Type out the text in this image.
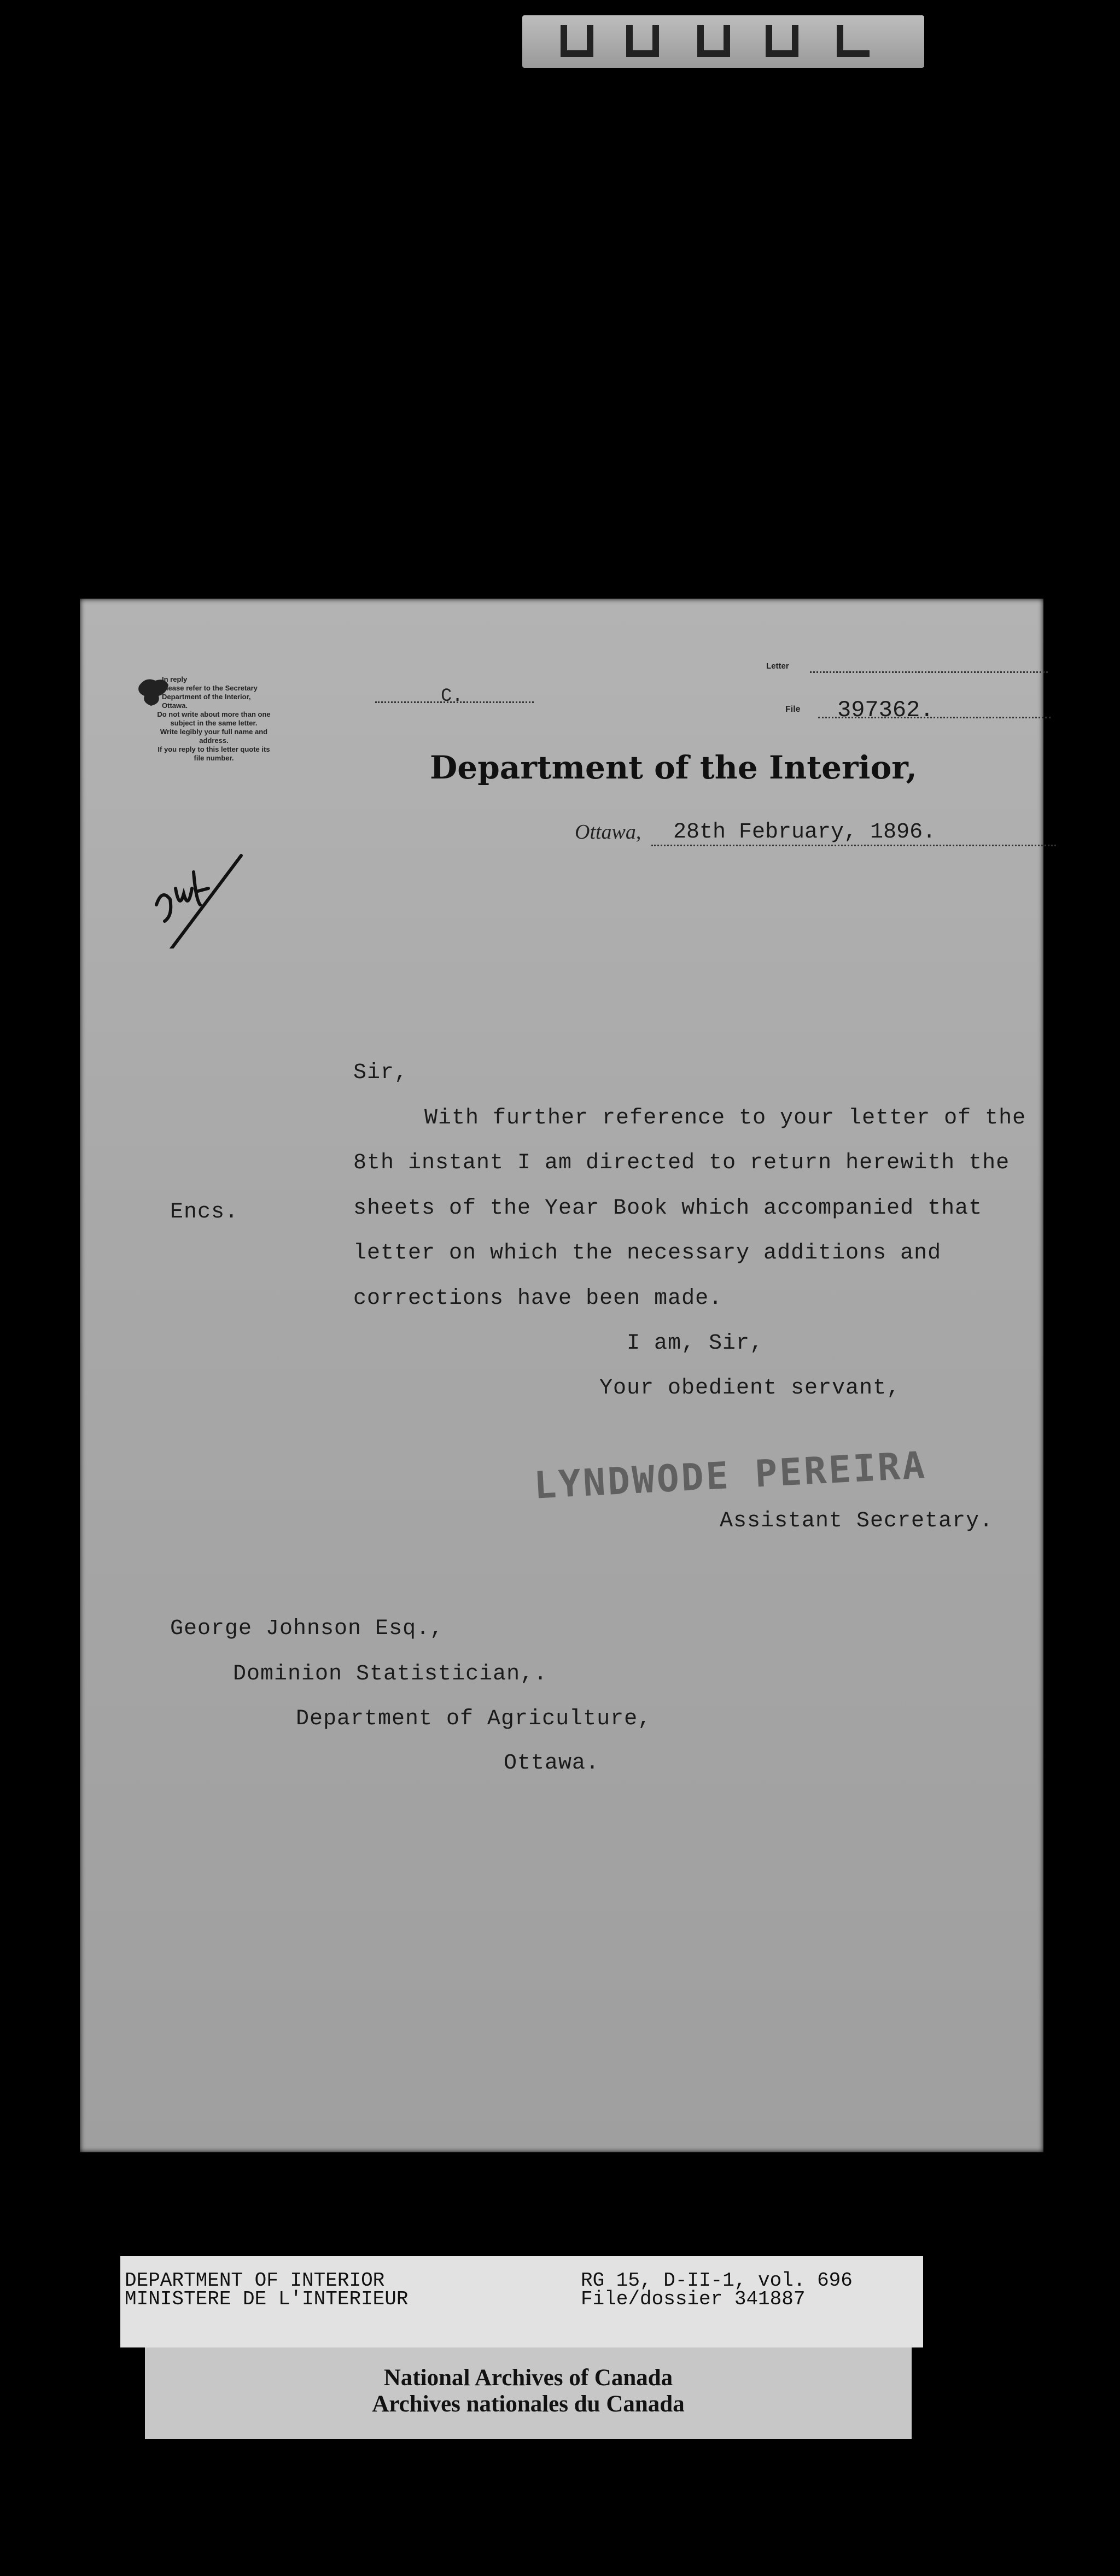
In reply
please refer to the Secretary
Department of the Interior,
Ottawa.
Do not write about more than one
subject in the same letter.
Write legibly your full name and
address.
If you reply to this letter quote its
file number.
Letter
C.
File 397362.
Department of the Interior,
Ottawa, 28th February, 1896.
Sir,
With further reference to your letter of the
8th instant I am directed to return herewith the
sheets of the Year Book which accompanied that
letter on which the necessary additions and
corrections have been made.
Encs.
I am, Sir,
Your obedient servant,
LYNDWODE PEREIRA
Assistant Secretary.
George Johnson Esq.,
Dominion Statistician,.
Department of Agriculture,
Ottawa.
DEPARTMENT OF INTERIOR
MINISTERE DE L'INTERIEUR
RG 15, D-II-1, vol. 696
File/dossier 341887
National Archives of Canada
Archives nationales du Canada
